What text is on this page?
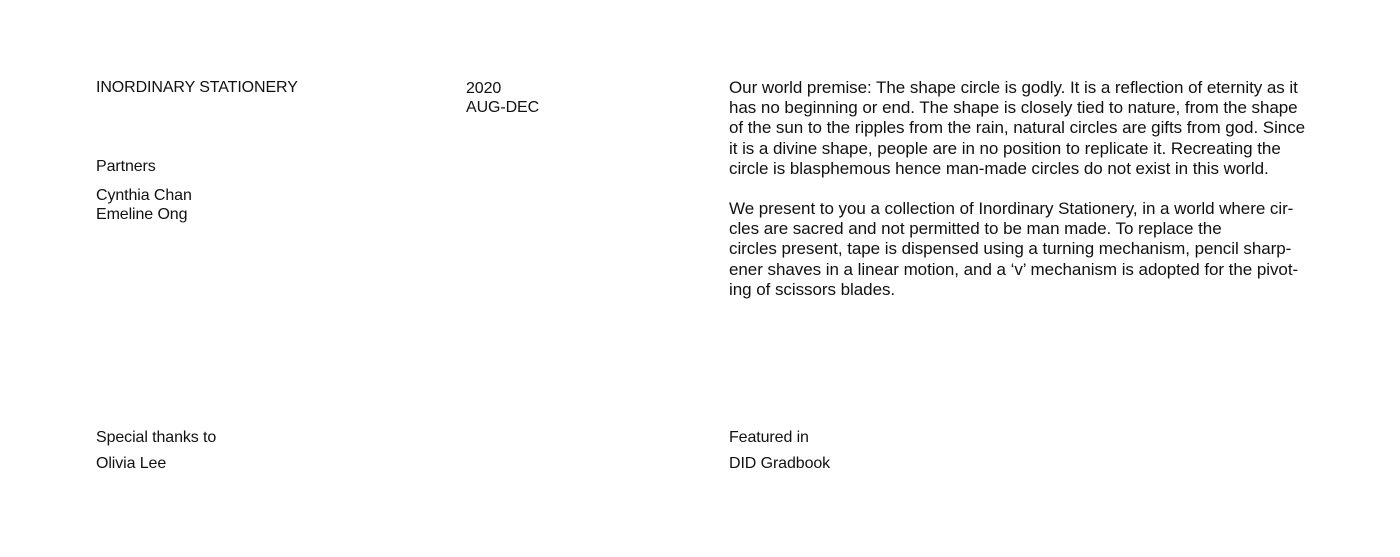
INORDINARY STATIONERY	2020
AUG-DEC
Partners
Cynthia Chan
Emeline Ong

Our world premise: The shape circle is godly. It is a reflection of eternity as it
has no beginning or end. The shape is closely tied to nature, from the shape
of the sun to the ripples from the rain, natural circles are gifts from god. Since
it is a divine shape, people are in no position to replicate it. Recreating the
circle is blasphemous hence man-made circles do not exist in this world.

We present to you a collection of Inordinary Stationery, in a world where cir-
cles are sacred and not permitted to be man made. To replace the
circles present, tape is dispensed using a turning mechanism, pencil sharp-
ener shaves in a linear motion, and a ‘v’ mechanism is adopted for the pivot-
ing of scissors blades.

Special thanks to
Olivia Lee
Featured in
DID Gradbook
